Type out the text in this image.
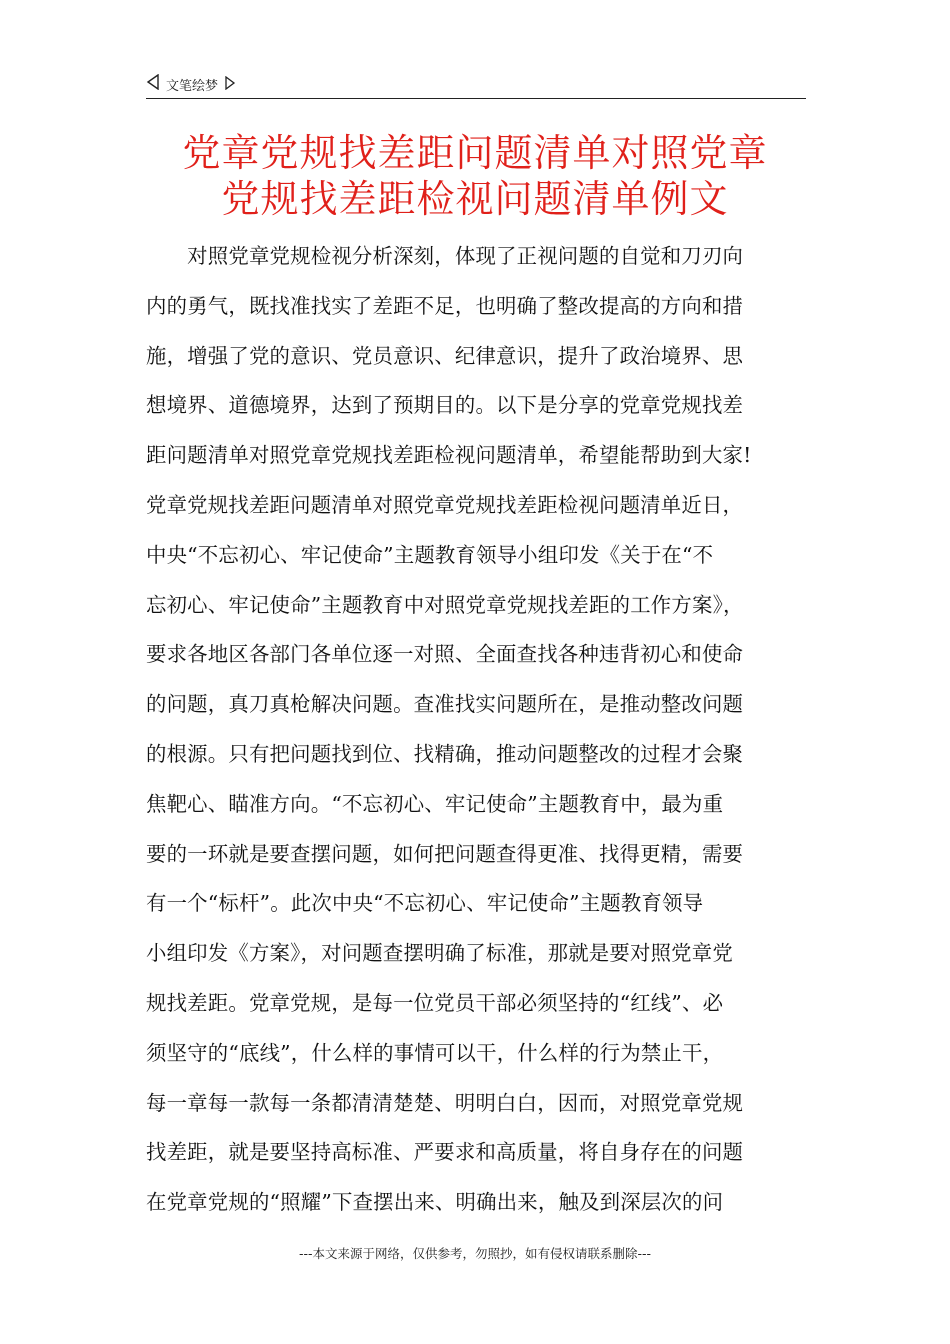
文笔绘梦
党章党规找差距问题清单对照党章
党规找差距检视问题清单例文
　　对照党章党规检视分析深刻，体现了正视问题的自觉和刀刃向
内的勇气，既找准找实了差距不足，也明确了整改提高的方向和措
施，增强了党的意识、党员意识、纪律意识，提升了政治境界、思
想境界、道德境界，达到了预期目的。以下是分享的党章党规找差
距问题清单对照党章党规找差距检视问题清单，希望能帮助到大家!
党章党规找差距问题清单对照党章党规找差距检视问题清单近日，
中央“不忘初心、牢记使命”主题教育领导小组印发《关于在“不
忘初心、牢记使命”主题教育中对照党章党规找差距的工作方案》，
要求各地区各部门各单位逐一对照、全面查找各种违背初心和使命
的问题，真刀真枪解决问题。查准找实问题所在，是推动整改问题
的根源。只有把问题找到位、找精确，推动问题整改的过程才会聚
焦靶心、瞄准方向。“不忘初心、牢记使命”主题教育中，最为重
要的一环就是要查摆问题，如何把问题查得更准、找得更精，需要
有一个“标杆”。此次中央“不忘初心、牢记使命”主题教育领导
小组印发《方案》，对问题查摆明确了标准，那就是要对照党章党
规找差距。党章党规，是每一位党员干部必须坚持的“红线”、必
须坚守的“底线”，什么样的事情可以干，什么样的行为禁止干，
每一章每一款每一条都清清楚楚、明明白白，因而，对照党章党规
找差距，就是要坚持高标准、严要求和高质量，将自身存在的问题
在党章党规的“照耀”下查摆出来、明确出来，触及到深层次的问
---本文来源于网络，仅供参考，勿照抄，如有侵权请联系删除---
